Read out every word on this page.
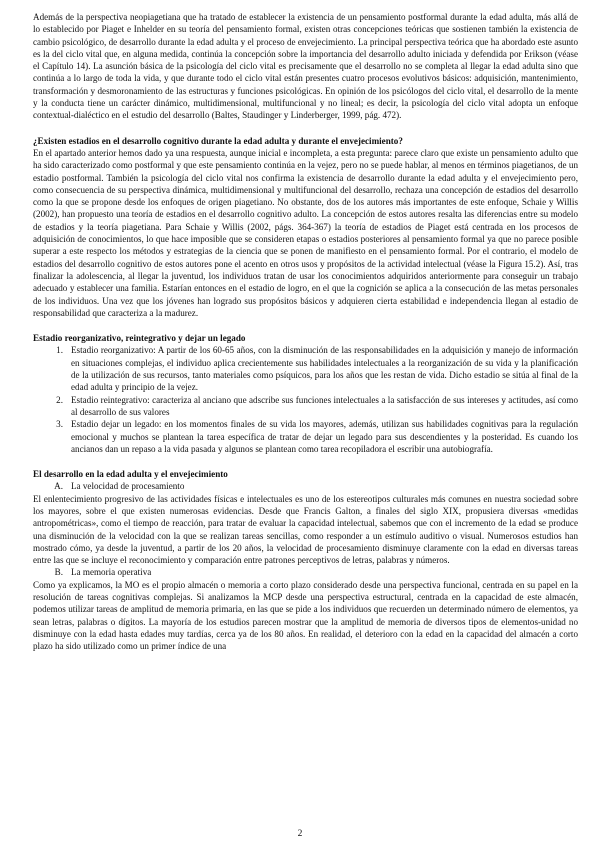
Además de la perspectiva neopiagetiana que ha tratado de establecer la existencia de un pensamiento postformal durante la edad adulta, más allá de lo establecido por Piaget e Inhelder en su teoría del pensamiento formal, existen otras concepciones teóricas que sostienen también la existencia de cambio psicológico, de desarrollo durante la edad adulta y el proceso de envejecimiento. La principal perspectiva teórica que ha abordado este asunto es la del ciclo vital que, en alguna medida, continúa la concepción sobre la importancia del desarrollo adulto iniciada y defendida por Erikson (véase el Capítulo 14). La asunción básica de la psicología del ciclo vital es precisamente que el desarrollo no se completa al llegar la edad adulta sino que continúa a lo largo de toda la vida, y que durante todo el ciclo vital están presentes cuatro procesos evolutivos básicos: adquisición, mantenimiento, transformación y desmoronamiento de las estructuras y funciones psicológicas. En opinión de los psicólogos del ciclo vital, el desarrollo de la mente y la conducta tiene un carácter dinámico, multidimensional, multifuncional y no lineal; es decir, la psicología del ciclo vital adopta un enfoque contextual-dialéctico en el estudio del desarrollo (Baltes, Staudinger y Linderberger, 1999, pág. 472).

¿Existen estadios en el desarrollo cognitivo durante la edad adulta y durante el envejecimiento?

En el apartado anterior hemos dado ya una respuesta, aunque inicial e incompleta, a esta pregunta: parece claro que existe un pensamiento adulto que ha sido caracterizado como postformal y que este pensamiento continúa en la vejez, pero no se puede hablar, al menos en términos piagetianos, de un estadio postformal. También la psicología del ciclo vital nos confirma la existencia de desarrollo durante la edad adulta y el envejecimiento pero, como consecuencia de su perspectiva dinámica, multidimensional y multifuncional del desarrollo, rechaza una concepción de estadios del desarrollo como la que se propone desde los enfoques de origen piagetiano. No obstante, dos de los autores más importantes de este enfoque, Schaie y Willis (2002), han propuesto una teoría de estadios en el desarrollo cognitivo adulto. La concepción de estos autores resalta las diferencias entre su modelo de estadios y la teoría piagetiana. Para Schaie y Willis (2002, págs. 364-367) la teoría de estadios de Piaget está centrada en los procesos de adquisición de conocimientos, lo que hace imposible que se consideren etapas o estadios posteriores al pensamiento formal ya que no parece posible superar a este respecto los métodos y estrategias de la ciencia que se ponen de manifiesto en el pensamiento formal. Por el contrario, el modelo de estadios del desarrollo cognitivo de estos autores pone el acento en otros usos y propósitos de la actividad intelectual (véase la Figura 15.2). Así, tras finalizar la adolescencia, al llegar la juventud, los individuos tratan de usar los conocimientos adquiridos anteriormente para conseguir un trabajo adecuado y establecer una familia. Estarían entonces en el estadio de logro, en el que la cognición se aplica a la consecución de las metas personales de los individuos. Una vez que los jóvenes han logrado sus propósitos básicos y adquieren cierta estabilidad e independencia llegan al estadio de responsabilidad que caracteriza a la madurez.

Estadio reorganizativo, reintegrativo y dejar un legado

1. Estadio reorganizativo: A partir de los 60-65 años, con la disminución de las responsabilidades en la adquisición y manejo de información en situaciones complejas, el individuo aplica crecientemente sus habilidades intelectuales a la reorganización de su vida y la planificación de la utilización de sus recursos, tanto materiales como psíquicos, para los años que les restan de vida. Dicho estadio se sitúa al final de la edad adulta y principio de la vejez.
2. Estadio reintegrativo: caracteriza al anciano que adscribe sus funciones intelectuales a la satisfacción de sus intereses y actitudes, así como al desarrollo de sus valores
3. Estadio dejar un legado: en los momentos finales de su vida los mayores, además, utilizan sus habilidades cognitivas para la regulación emocional y muchos se plantean la tarea específica de tratar de dejar un legado para sus descendientes y la posteridad. Es cuando los ancianos dan un repaso a la vida pasada y algunos se plantean como tarea recopiladora el escribir una autobiografía.

El desarrollo en la edad adulta y el envejecimiento

A. La velocidad de procesamiento

El enlentecimiento progresivo de las actividades físicas e intelectuales es uno de los estereotipos culturales más comunes en nuestra sociedad sobre los mayores, sobre el que existen numerosas evidencias. Desde que Francis Galton, a finales del siglo XIX, propusiera diversas «medidas antropométricas», como el tiempo de reacción, para tratar de evaluar la capacidad intelectual, sabemos que con el incremento de la edad se produce una disminución de la velocidad con la que se realizan tareas sencillas, como responder a un estímulo auditivo o visual. Numerosos estudios han mostrado cómo, ya desde la juventud, a partir de los 20 años, la velocidad de procesamiento disminuye claramente con la edad en diversas tareas entre las que se incluye el reconocimiento y comparación entre patrones perceptivos de letras, palabras y números.

B. La memoria operativa

Como ya explicamos, la MO es el propio almacén o memoria a corto plazo considerado desde una perspectiva funcional, centrada en su papel en la resolución de tareas cognitivas complejas. Si analizamos la MCP desde una perspectiva estructural, centrada en la capacidad de este almacén, podemos utilizar tareas de amplitud de memoria primaria, en las que se pide a los individuos que recuerden un determinado número de elementos, ya sean letras, palabras o dígitos. La mayoría de los estudios parecen mostrar que la amplitud de memoria de diversos tipos de elementos-unidad no disminuye con la edad hasta edades muy tardías, cerca ya de los 80 años. En realidad, el deterioro con la edad en la capacidad del almacén a corto plazo ha sido utilizado como un primer índice de una

2
